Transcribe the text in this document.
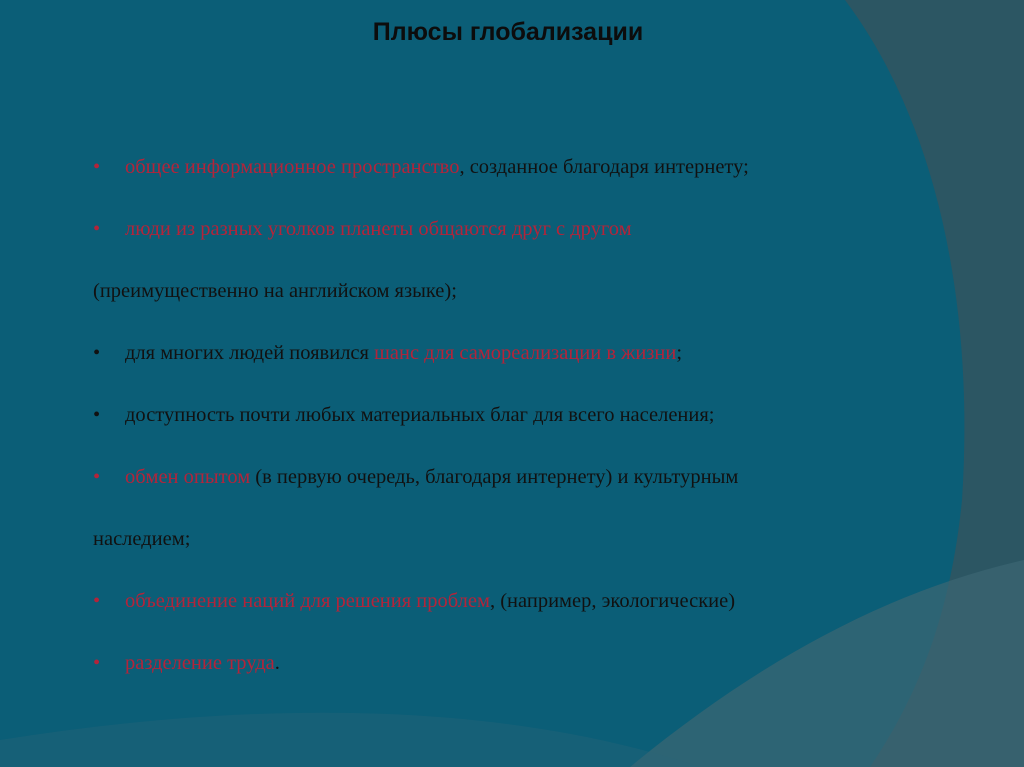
Плюсы глобализации
• общее информационное пространство, созданное благодаря интернету;
• люди из разных уголков планеты общаются друг с другом
(преимущественно на английском языке);
• для многих людей появился шанс для самореализации в жизни;
• доступность почти любых материальных благ для всего населения;
• обмен опытом (в первую очередь, благодаря интернету) и культурным
наследием;
• объединение наций для решения проблем, (например, экологические)
• разделение труда.
